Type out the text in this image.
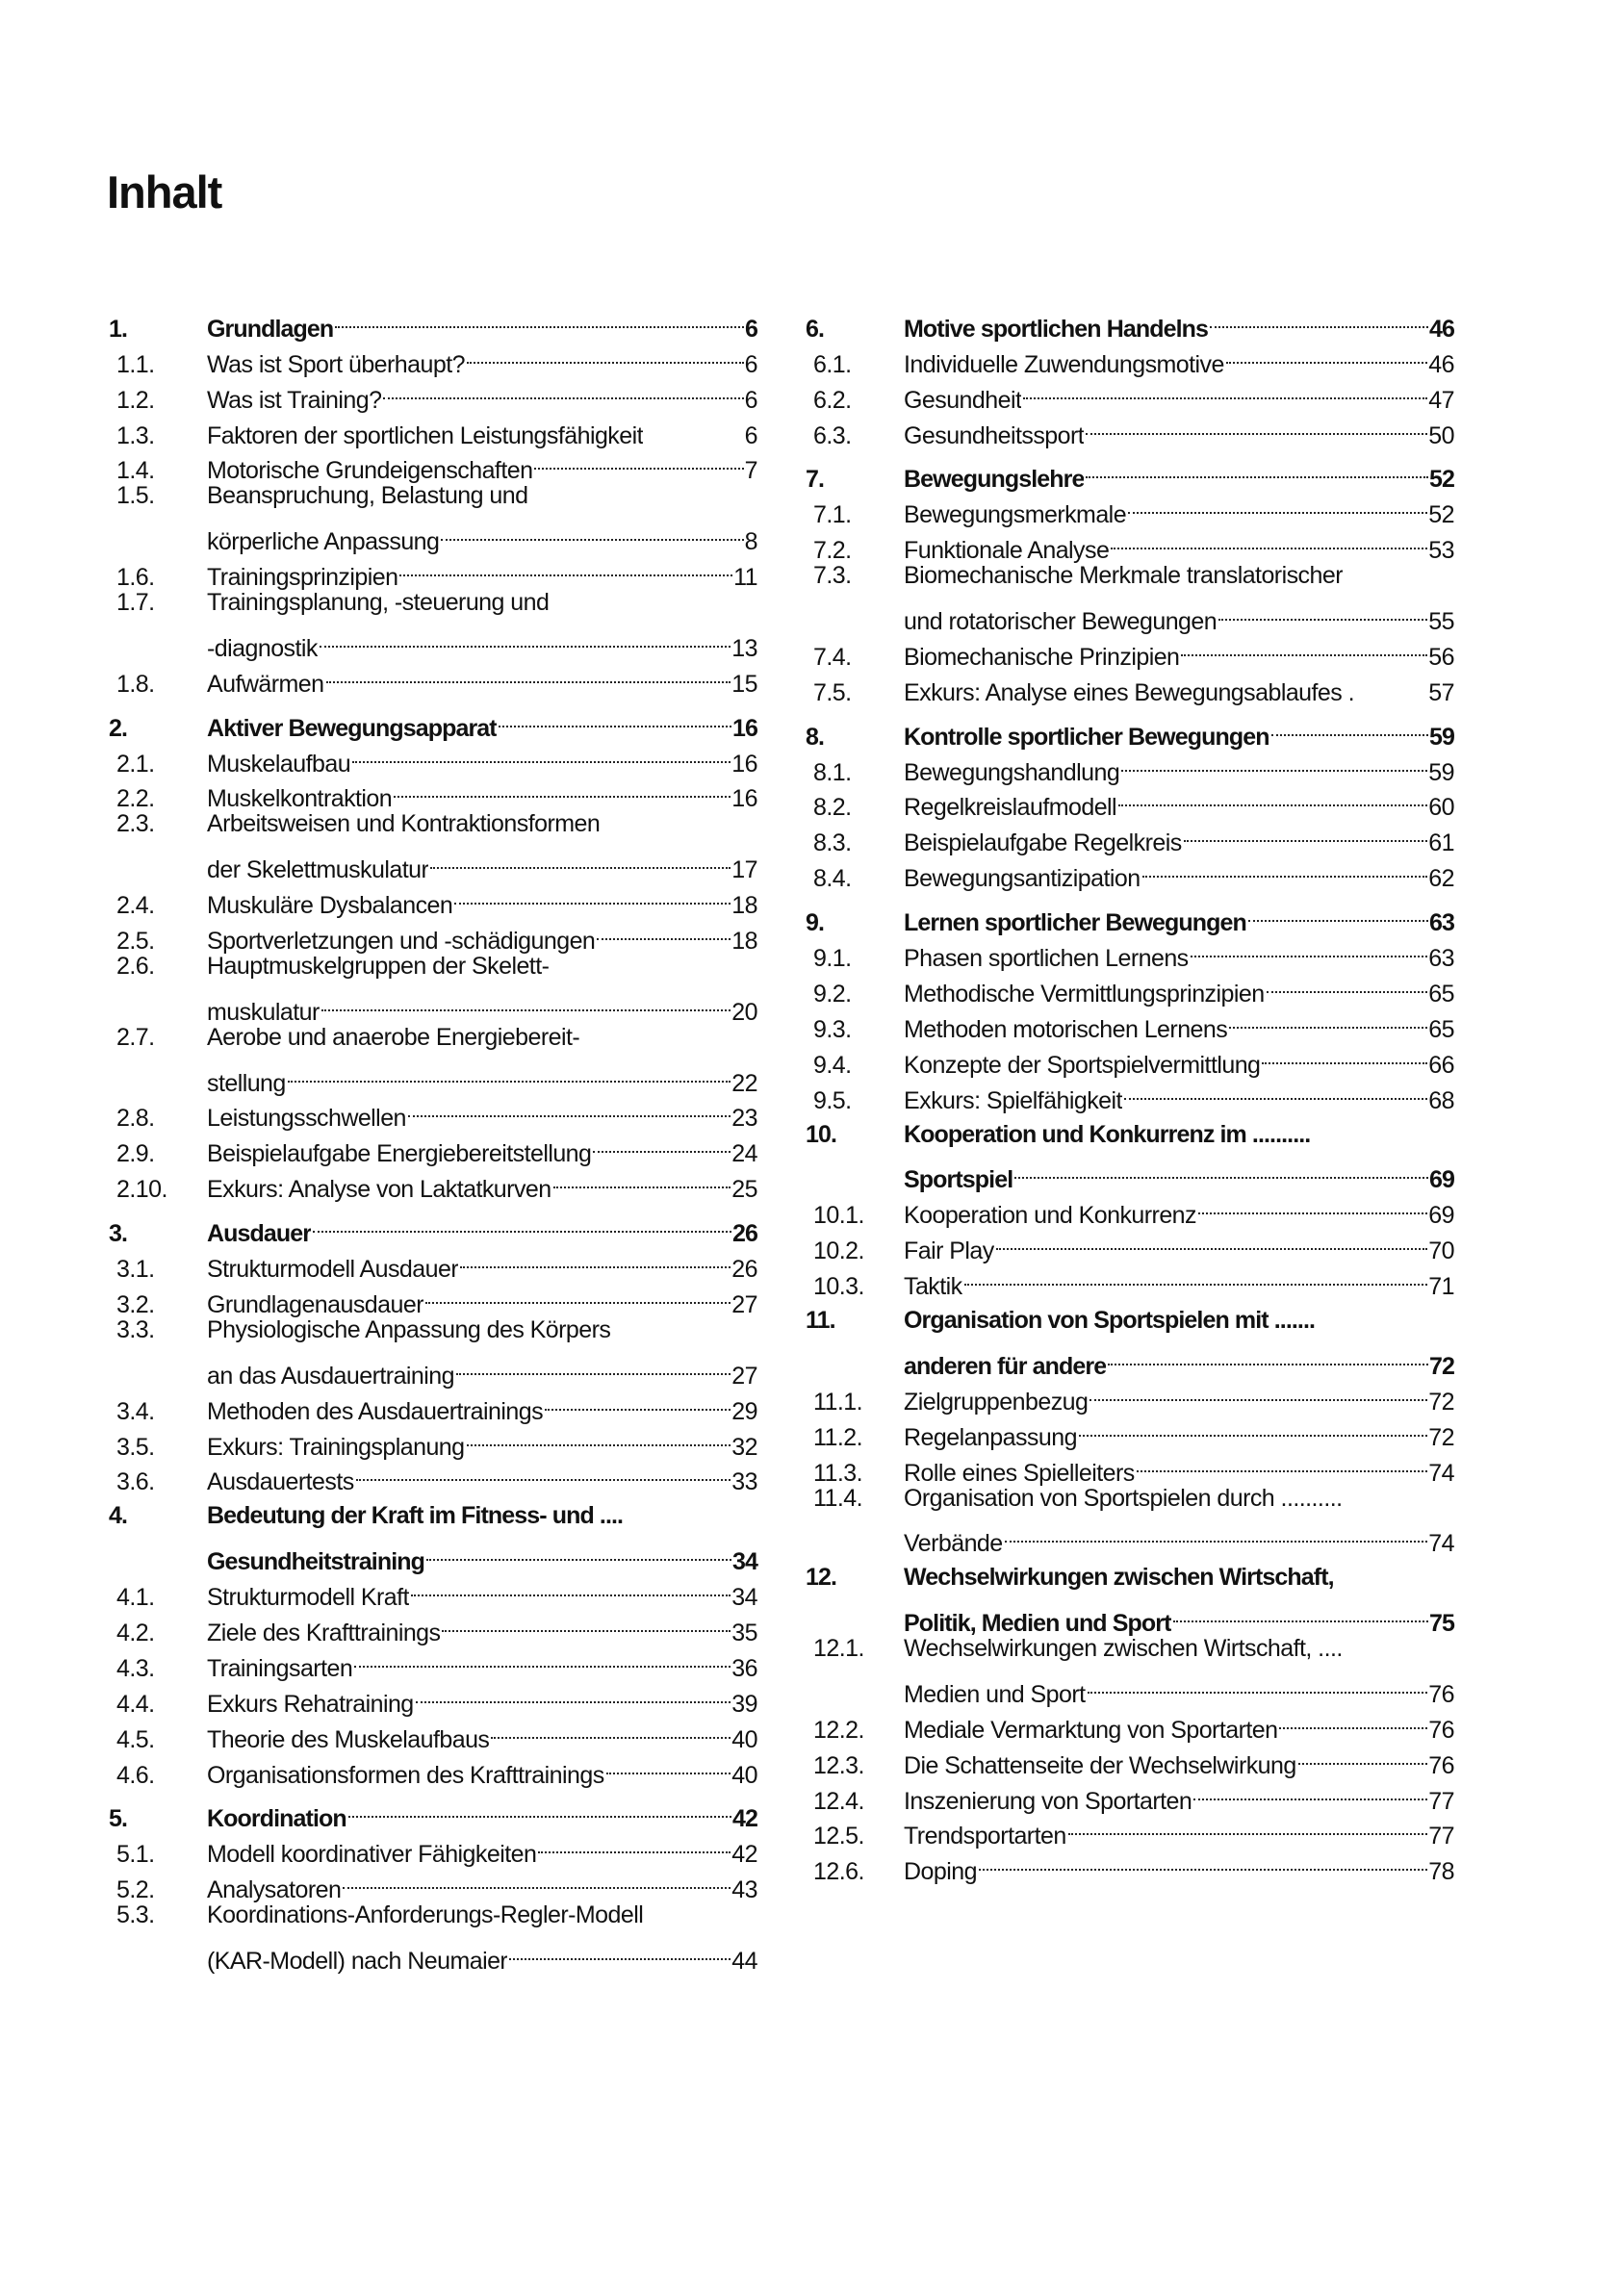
Inhalt
1.	Grundlagen	6
1.1.	Was ist Sport überhaupt?	6
1.2.	Was ist Training?	6
1.3.	Faktoren der sportlichen Leistungsfähigkeit	6
1.4.	Motorische Grundeigenschaften	7
1.5.	Beanspruchung, Belastung und
körperliche Anpassung	8
1.6.	Trainingsprinzipien	11
1.7.	Trainingsplanung, -steuerung und
-diagnostik	13
1.8.	Aufwärmen	15
2.	Aktiver Bewegungsapparat	16
2.1.	Muskelaufbau	16
2.2.	Muskelkontraktion	16
2.3.	Arbeitsweisen und Kontraktionsformen
der Skelettmuskulatur	17
2.4.	Muskuläre Dysbalancen	18
2.5.	Sportverletzungen und -schädigungen	18
2.6.	Hauptmuskelgruppen der Skelett-
muskulatur	20
2.7.	Aerobe und anaerobe Energiebereit-
stellung	22
2.8.	Leistungsschwellen	23
2.9.	Beispielaufgabe Energiebereitstellung	24
2.10.	Exkurs: Analyse von Laktatkurven	25
3.	Ausdauer	26
3.1.	Strukturmodell Ausdauer	26
3.2.	Grundlagenausdauer	27
3.3.	Physiologische Anpassung des Körpers
an das Ausdauertraining	27
3.4.	Methoden des Ausdauertrainings	29
3.5.	Exkurs: Trainingsplanung	32
3.6.	Ausdauertests	33
4.	Bedeutung der Kraft im Fitness- und ....
Gesundheitstraining	34
4.1.	Strukturmodell Kraft	34
4.2.	Ziele des Krafttrainings	35
4.3.	Trainingsarten	36
4.4.	Exkurs Rehatraining	39
4.5.	Theorie des Muskelaufbaus	40
4.6.	Organisationsformen des Krafttrainings	40
5.	Koordination	42
5.1.	Modell koordinativer Fähigkeiten	42
5.2.	Analysatoren	43
5.3.	Koordinations-Anforderungs-Regler-Modell
(KAR-Modell) nach Neumaier	44
6.	Motive sportlichen Handelns	46
6.1.	Individuelle Zuwendungsmotive	46
6.2.	Gesundheit	47
6.3.	Gesundheitssport	50
7.	Bewegungslehre	52
7.1.	Bewegungsmerkmale	52
7.2.	Funktionale Analyse	53
7.3.	Biomechanische Merkmale translatorischer
und rotatorischer Bewegungen	55
7.4.	Biomechanische Prinzipien	56
7.5.	Exkurs: Analyse eines Bewegungsablaufes .	57
8.	Kontrolle sportlicher Bewegungen	59
8.1.	Bewegungshandlung	59
8.2.	Regelkreislaufmodell	60
8.3.	Beispielaufgabe Regelkreis	61
8.4.	Bewegungsantizipation	62
9.	Lernen sportlicher Bewegungen	63
9.1.	Phasen sportlichen Lernens	63
9.2.	Methodische Vermittlungsprinzipien	65
9.3.	Methoden motorischen Lernens	65
9.4.	Konzepte der Sportspielvermittlung	66
9.5.	Exkurs: Spielfähigkeit	68
10.	Kooperation und Konkurrenz im ..........
Sportspiel	69
10.1.	Kooperation und Konkurrenz	69
10.2.	Fair Play	70
10.3.	Taktik	71
11.	Organisation von Sportspielen mit .......
anderen für andere	72
11.1.	Zielgruppenbezug	72
11.2.	Regelanpassung	72
11.3.	Rolle eines Spielleiters	74
11.4.	Organisation von Sportspielen durch ..........
Verbände	74
12.	Wechselwirkungen zwischen Wirtschaft,
Politik, Medien und Sport	75
12.1.	Wechselwirkungen zwischen Wirtschaft, ....
Medien und Sport	76
12.2.	Mediale Vermarktung von Sportarten	76
12.3.	Die Schattenseite der Wechselwirkung	76
12.4.	Inszenierung von Sportarten	77
12.5.	Trendsportarten	77
12.6.	Doping	78
